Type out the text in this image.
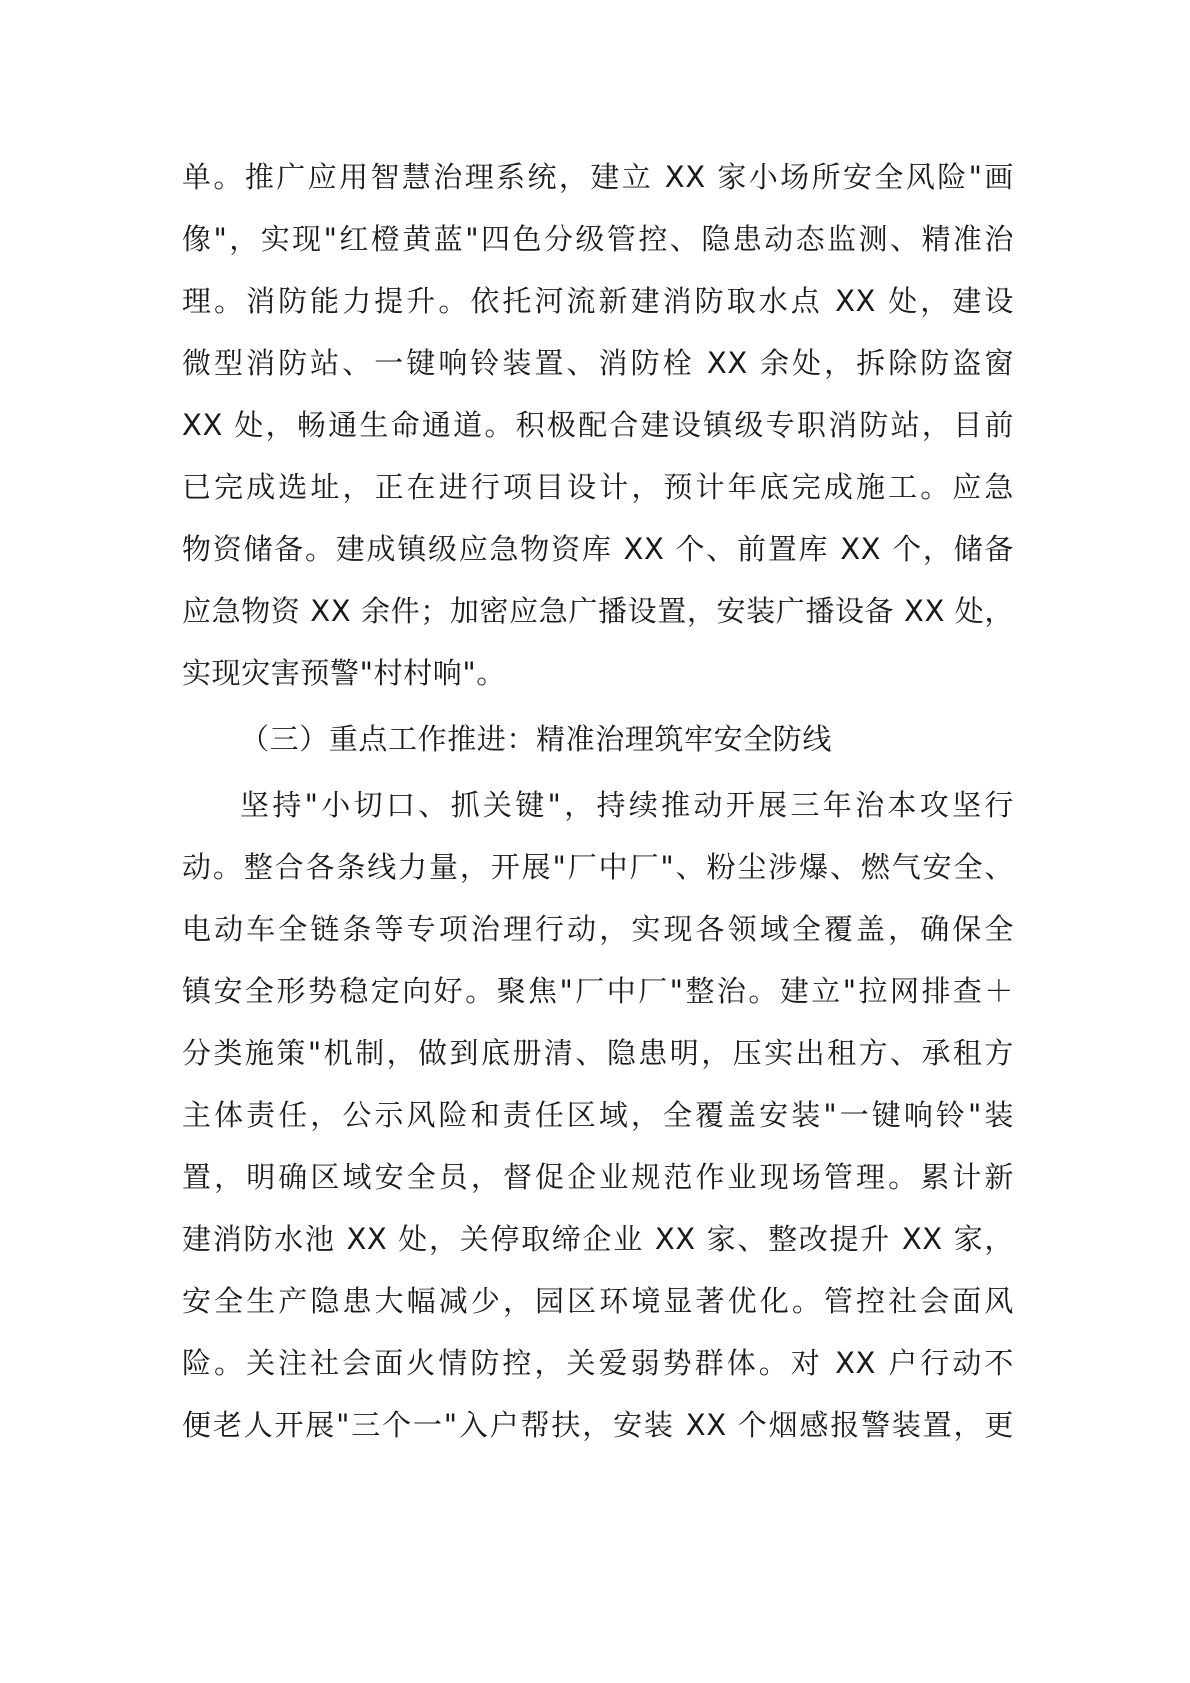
单。推广应用智慧治理系统，建立 XX 家小场所安全风险"画
像"，实现"红橙黄蓝"四色分级管控、隐患动态监测、精准治
理。消防能力提升。依托河流新建消防取水点 XX 处，建设
微型消防站、一键响铃装置、消防栓 XX 余处，拆除防盗窗
XX 处，畅通生命通道。积极配合建设镇级专职消防站，目前
已完成选址，正在进行项目设计，预计年底完成施工。应急
物资储备。建成镇级应急物资库 XX 个、前置库 XX 个，储备
应急物资 XX 余件；加密应急广播设置，安装广播设备 XX 处，
实现灾害预警"村村响"。
（三）重点工作推进：精准治理筑牢安全防线
坚持"小切口、抓关键"，持续推动开展三年治本攻坚行
动。整合各条线力量，开展"厂中厂"、粉尘涉爆、燃气安全、
电动车全链条等专项治理行动，实现各领域全覆盖，确保全
镇安全形势稳定向好。聚焦"厂中厂"整治。建立"拉网排查＋
分类施策"机制，做到底册清、隐患明，压实出租方、承租方
主体责任，公示风险和责任区域，全覆盖安装"一键响铃"装
置，明确区域安全员，督促企业规范作业现场管理。累计新
建消防水池 XX 处，关停取缔企业 XX 家、整改提升 XX 家，
安全生产隐患大幅减少，园区环境显著优化。管控社会面风
险。关注社会面火情防控，关爱弱势群体。对 XX 户行动不
便老人开展"三个一"入户帮扶，安装 XX 个烟感报警装置，更
